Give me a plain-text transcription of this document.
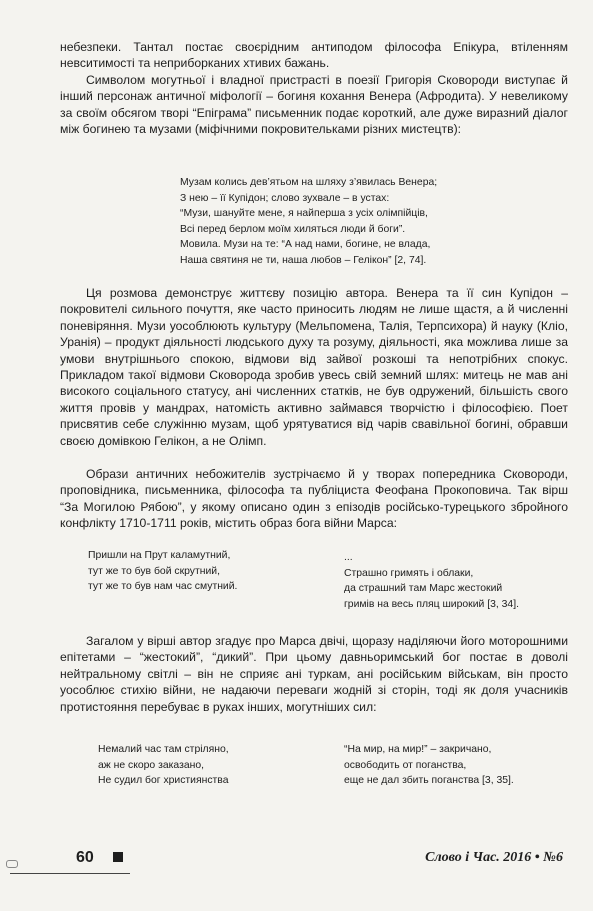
небезпеки. Тантал постає своєрідним антиподом філософа Епікура, втіленням невситимості та неприборканих хтивих бажань.

Символом могутньої і владної пристрасті в поезії Григорія Сковороди виступає й інший персонаж античної міфології – богиня кохання Венера (Афродита). У невеликому за своїм обсягом творі “Епіграма” письменник подає короткий, але дуже виразний діалог між богинею та музами (міфічними покровительками різних мистецтв):

Музам колись дев’ятьом на шляху з’явилась Венера;
З нею – її Купідон; слово зухвале – в устах:
“Музи, шануйте мене, я найперша з усіх олімпійців,
Всі перед берлом моїм хиляться люди й боги”.
Мовила. Музи на те: “А над нами, богине, не влада,
Наша святиня не ти, наша любов – Гелікон” [2, 74].

Ця розмова демонструє життєву позицію автора. Венера та її син Купідон – покровителі сильного почуття, яке часто приносить людям не лише щастя, а й численні поневіряння. Музи уособлюють культуру (Мельпомена, Талія, Терпсихора) й науку (Кліо, Уранія) – продукт діяльності людського духу та розуму, діяльності, яка можлива лише за умови внутрішнього спокою, відмови від зайвої розкоші та непотрібних спокус. Прикладом такої відмови Сковорода зробив увесь свій земний шлях: митець не мав ані високого соціального статусу, ані численних статків, не був одружений, більшість свого життя провів у мандрах, натомість активно займався творчістю і філософією. Поет присвятив себе служінню музам, щоб урятуватися від чарів свавільної богині, обравши своєю домівкою Гелікон, а не Олімп.

Образи античних небожителів зустрічаємо й у творах попередника Сковороди, проповідника, письменника, філософа та публіциста Феофана Прокоповича. Так вірш “За Могилою Рябою”, у якому описано один з епізодів російсько-турецького збройного конфлікту 1710-1711 років, містить образ бога війни Марса:

Пришли на Прут каламутний,
тут же то був бой скрутний,
тут же то був нам час смутний.
...
Страшно гримять і облаки,
да страшний там Марс жестокий
гримів на весь пляц широкий [3, 34].

Загалом у вірші автор згадує про Марса двічі, щоразу наділяючи його моторошними епітетами – “жестокий”, “дикий”. При цьому давньоримський бог постає в доволі нейтральному світлі – він не сприяє ані туркам, ані російським військам, він просто уособлює стихію війни, не надаючи переваги жодній зі сторін, тоді як доля учасників протистояння перебуває в руках інших, могутніших сил:

Немалий час там стріляно,
аж не скоро заказано,
Не судил бог християнства
“На мир, на мир!” – закричано,
освободить от поганства,
еще не дал збить поганства [3, 35].
60	Слово і Час. 2016 • №6
